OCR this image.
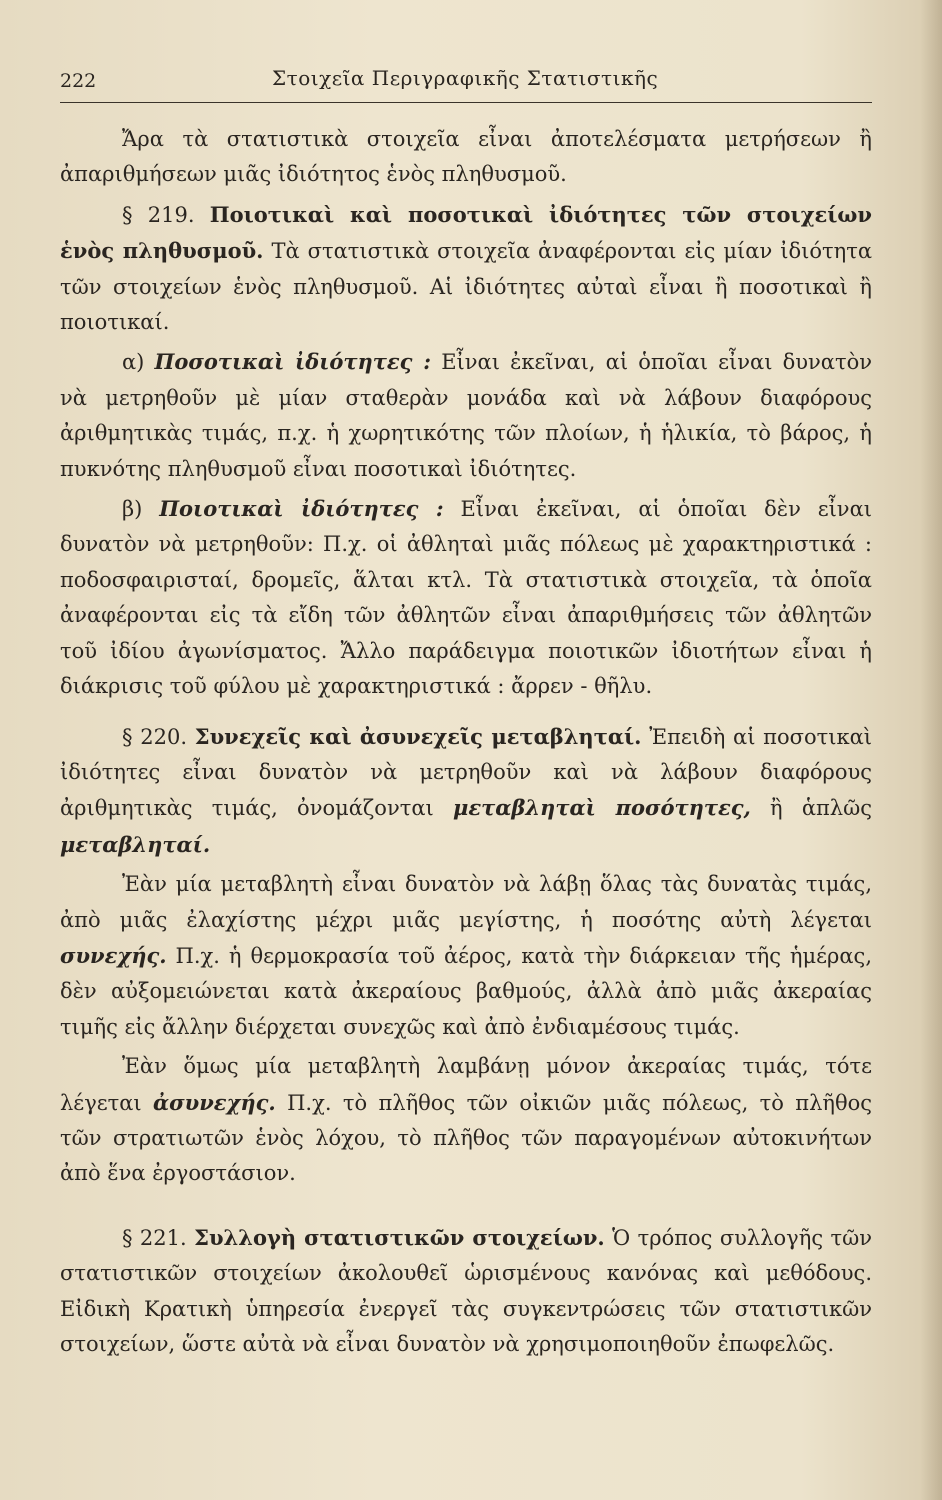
222	Στοιχεῖα Περιγραφικῆς Στατιστικῆς

Ἄρα τὰ στατιστικὰ στοιχεῖα εἶναι ἀποτελέσματα μετρήσεων ἢ ἀπαριθμήσεων μιᾶς ἰδιότητος ἑνὸς πληθυσμοῦ.

§ 219. Ποιοτικαὶ καὶ ποσοτικαὶ ἰδιότητες τῶν στοιχείων ἑνὸς πληθυσμοῦ. Τὰ στατιστικὰ στοιχεῖα ἀναφέρονται εἰς μίαν ἰδιότητα τῶν στοιχείων ἑνὸς πληθυσμοῦ. Αἱ ἰδιότητες αὐταὶ εἶναι ἢ ποσοτικαὶ ἢ ποιοτικαί.

α) Ποσοτικαὶ ἰδιότητες : Εἶναι ἐκεῖναι, αἱ ὁποῖαι εἶναι δυνατὸν νὰ μετρηθοῦν μὲ μίαν σταθερὰν μονάδα καὶ νὰ λάβουν διαφόρους ἀριθμητικὰς τιμάς, π.χ. ἡ χωρητικότης τῶν πλοίων, ἡ ἡλικία, τὸ βάρος, ἡ πυκνότης πληθυσμοῦ εἶναι ποσοτικαὶ ἰδιότητες.

β) Ποιοτικαὶ ἰδιότητες : Εἶναι ἐκεῖναι, αἱ ὁποῖαι δὲν εἶναι δυνατὸν νὰ μετρηθοῦν: Π.χ. οἱ ἀθληταὶ μιᾶς πόλεως μὲ χαρακτηριστικά : ποδοσφαιρισταί, δρομεῖς, ἅλται κτλ. Τὰ στατιστικὰ στοιχεῖα, τὰ ὁποῖα ἀναφέρονται εἰς τὰ εἴδη τῶν ἀθλητῶν εἶναι ἀπαριθμήσεις τῶν ἀθλητῶν τοῦ ἰδίου ἀγωνίσματος. Ἄλλο παράδειγμα ποιοτικῶν ἰδιοτήτων εἶναι ἡ διάκρισις τοῦ φύλου μὲ χαρακτηριστικά : ἄρρεν - θῆλυ.

§ 220. Συνεχεῖς καὶ ἀσυνεχεῖς μεταβληταί. Ἐπειδὴ αἱ ποσοτικαὶ ἰδιότητες εἶναι δυνατὸν νὰ μετρηθοῦν καὶ νὰ λάβουν διαφόρους ἀριθμητικὰς τιμάς, ὀνομάζονται μεταβληταὶ ποσότητες, ἢ ἁπλῶς μεταβληταί.

Ἐὰν μία μεταβλητὴ εἶναι δυνατὸν νὰ λάβῃ ὅλας τὰς δυνατὰς τιμάς, ἀπὸ μιᾶς ἐλαχίστης μέχρι μιᾶς μεγίστης, ἡ ποσότης αὐτὴ λέγεται συνεχής. Π.χ. ἡ θερμοκρασία τοῦ ἀέρος, κατὰ τὴν διάρκειαν τῆς ἡμέρας, δὲν αὐξομειώνεται κατὰ ἀκεραίους βαθμούς, ἀλλὰ ἀπὸ μιᾶς ἀκεραίας τιμῆς εἰς ἄλλην διέρχεται συνεχῶς καὶ ἀπὸ ἐνδιαμέσους τιμάς.

Ἐὰν ὅμως μία μεταβλητὴ λαμβάνῃ μόνον ἀκεραίας τιμάς, τότε λέγεται ἀσυνεχής. Π.χ. τὸ πλῆθος τῶν οἰκιῶν μιᾶς πόλεως, τὸ πλῆθος τῶν στρατιωτῶν ἑνὸς λόχου, τὸ πλῆθος τῶν παραγομένων αὐτοκινήτων ἀπὸ ἕνα ἐργοστάσιον.

§ 221. Συλλογὴ στατιστικῶν στοιχείων. Ὁ τρόπος συλλογῆς τῶν στατιστικῶν στοιχείων ἀκολουθεῖ ὡρισμένους κανόνας καὶ μεθόδους. Εἰδικὴ Κρατικὴ ὑπηρεσία ἐνεργεῖ τὰς συγκεντρώσεις τῶν στατιστικῶν στοιχείων, ὥστε αὐτὰ νὰ εἶναι δυνατὸν νὰ χρησιμοποιηθοῦν ἐπωφελῶς.
